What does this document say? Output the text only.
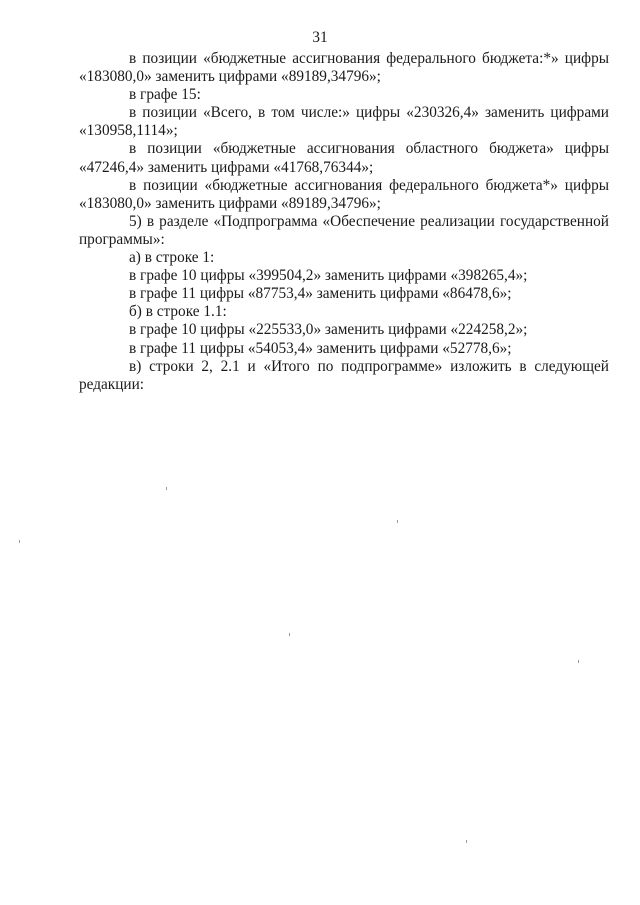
31
в позиции «бюджетные ассигнования федерального бюджета:*» цифры
«183080,0» заменить цифрами «89189,34796»;
в графе 15:
в позиции «Всего, в том числе:» цифры «230326,4» заменить цифрами
«130958,1114»;
в позиции «бюджетные ассигнования областного бюджета» цифры
«47246,4» заменить цифрами «41768,76344»;
в позиции «бюджетные ассигнования федерального бюджета*» цифры
«183080,0» заменить цифрами «89189,34796»;
5) в разделе «Подпрограмма «Обеспечение реализации государственной
программы»:
а) в строке 1:
в графе 10 цифры «399504,2» заменить цифрами «398265,4»;
в графе 11 цифры «87753,4» заменить цифрами «86478,6»;
б) в строке 1.1:
в графе 10 цифры «225533,0» заменить цифрами «224258,2»;
в графе 11 цифры «54053,4» заменить цифрами «52778,6»;
в) строки 2, 2.1 и «Итого по подпрограмме» изложить в следующей
редакции:
